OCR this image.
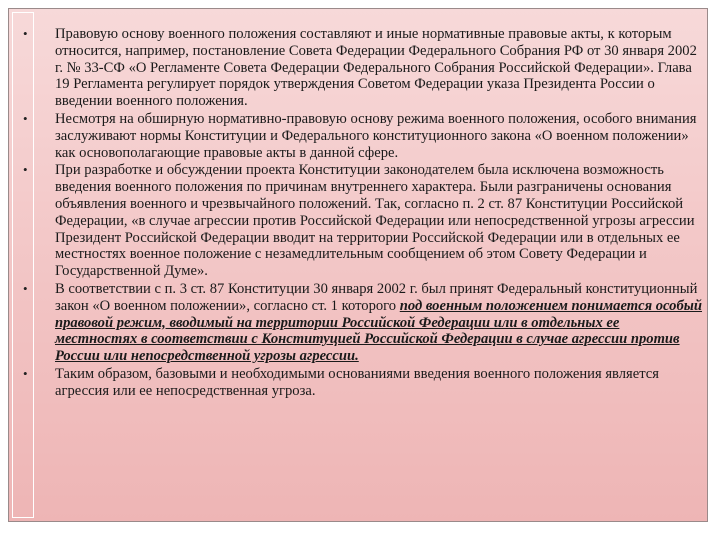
•	Правовую основу военного положения составляют и иные нормативные правовые акты, к которым относится, например, постановление Совета Федерации Федерального Собрания РФ от 30 января 2002 г. № 33-СФ «О Регламенте Совета Федерации Федерального Собрания Российской Федерации». Глава 19 Регламента регулирует порядок утверждения Советом Федерации указа Президента России о введении военного положения.
•	Несмотря на обширную нормативно-правовую основу режима военного положения, особого внимания заслуживают нормы Конституции и Федерального конституционного закона «О военном положении» как основополагающие правовые акты в данной сфере.
•	При разработке и обсуждении проекта Конституции законодателем была исключена возможность введения военного положения по причинам внутреннего характера. Были разграничены основания объявления военного и чрезвычайного положений. Так, согласно п. 2 ст. 87 Конституции Российской Федерации, «в случае агрессии против Российской Федерации или непосредственной угрозы агрессии Президент Российской Федерации вводит на территории Российской Федерации или в отдельных ее местностях военное положение с незамедлительным сообщением об этом Совету Федерации и Государственной Думе».
•	В соответствии с п. 3 ст. 87 Конституции 30 января 2002 г. был принят Федеральный конституционный закон «О военном положении», согласно ст. 1 которого под военным положением понимается особый правовой режим, вводимый на территории Российской Федерации или в отдельных ее местностях в соответствии с Конституцией Российской Федерации в случае агрессии против России или непосредственной угрозы агрессии.
•	Таким образом, базовыми и необходимыми основаниями введения военного положения является агрессия или ее непосредственная угроза.
